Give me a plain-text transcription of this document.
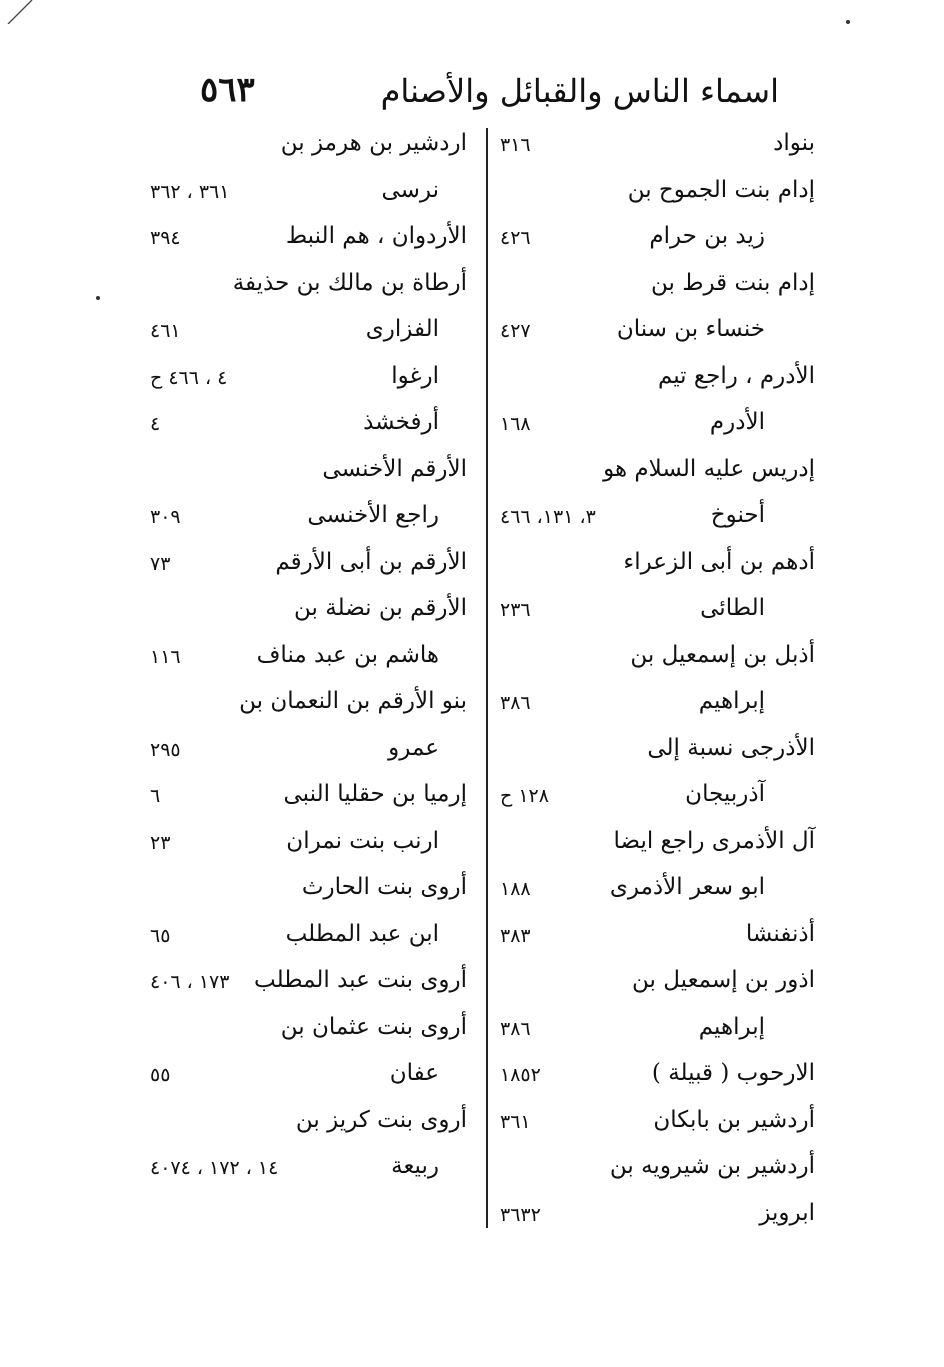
اسماء الناس والقبائل والأصنام
٥٦٣
بنواد
٣١٦
إدام بنت الجموح بن
زيد بن حرام
٤٢٦
إدام بنت قرط بن
خنساء بن سنان
٤٢٧
الأدرم ، راجع تيم
الأدرم
١٦٨
إدريس عليه السلام هو
أحنوخ
٣، ١٣١، ٤٦٦
أدهم بن أبى الزعراء
الطائى
٢٣٦
أذبل بن إسمعيل بن
إبراهيم
٣٨٦
الأذرجى نسبة إلى
آذربيجان
١٢٨ ح
آل الأذمرى راجع ايضا
ابو سعر الأذمرى
١٨٨
أذنفنشا
٣٨٣
اذور بن إسمعيل بن
إبراهيم
٣٨٦
الارحوب ( قبيلة )
١٨٥٢
أردشير بن بابكان
٣٦١
أردشير بن شيرويه بن
ابرويز
٣٦٣٢
اردشير بن هرمز بن
نرسى
٣٦١ ، ٣٦٢
الأردوان ، هم النبط
٣٩٤
أرطاة بن مالك بن حذيفة
الفزارى
٤٦١
ارغوا
٤ ، ٤٦٦ ح
أرفخشذ
٤
الأرقم الأخنسى
راجع الأخنسى
٣٠٩
الأرقم بن أبى الأرقم
٧٣
الأرقم بن نضلة بن
هاشم بن عبد مناف
١١٦
بنو الأرقم بن النعمان بن
عمرو
٢٩٥
إرميا بن حقليا النبى
٦
ارنب بنت نمران
٢٣
أروى بنت الحارث
ابن عبد المطلب
٦٥
أروى بنت عبد المطلب
١٧٣ ، ٤٠٦
أروى بنت عثمان بن
عفان
٥٥
أروى بنت كريز بن
ربيعة
١٤ ، ١٧٢ ، ٤٠٧٤
